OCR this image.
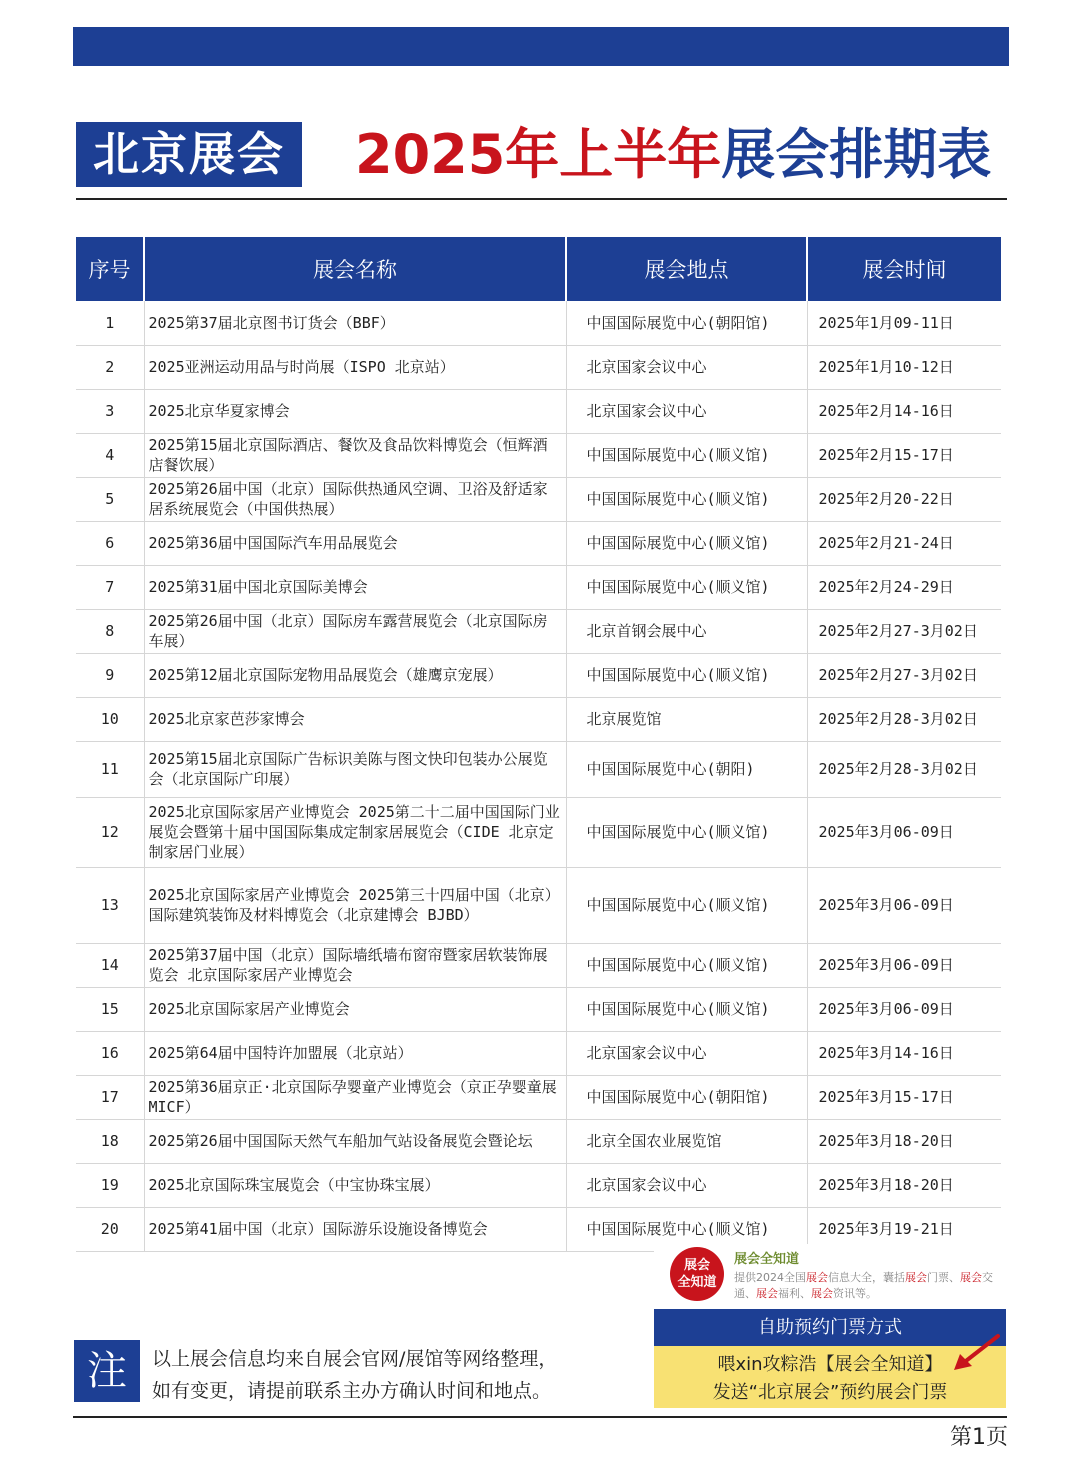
北京展会	2025年上半年展会排期表
序号	展会名称	展会地点	展会时间
1	2025第37届北京图书订货会（BBF）	中国国际展览中心(朝阳馆)	2025年1月09-11日
2	2025亚洲运动用品与时尚展（ISPO 北京站）	北京国家会议中心	2025年1月10-12日
3	2025北京华夏家博会	北京国家会议中心	2025年2月14-16日
4	2025第15届北京国际酒店、餐饮及食品饮料博览会（恒辉酒店餐饮展）	中国国际展览中心(顺义馆)	2025年2月15-17日
5	2025第26届中国（北京）国际供热通风空调、卫浴及舒适家居系统展览会（中国供热展）	中国国际展览中心(顺义馆)	2025年2月20-22日
6	2025第36届中国国际汽车用品展览会	中国国际展览中心(顺义馆)	2025年2月21-24日
7	2025第31届中国北京国际美博会	中国国际展览中心(顺义馆)	2025年2月24-29日
8	2025第26届中国（北京）国际房车露营展览会（北京国际房车展）	北京首钢会展中心	2025年2月27-3月02日
9	2025第12届北京国际宠物用品展览会（雄鹰京宠展）	中国国际展览中心(顺义馆)	2025年2月27-3月02日
10	2025北京家芭莎家博会	北京展览馆	2025年2月28-3月02日
11	2025第15届北京国际广告标识美陈与图文快印包装办公展览会（北京国际广印展）	中国国际展览中心(朝阳)	2025年2月28-3月02日
12	2025北京国际家居产业博览会 2025第二十二届中国国际门业展览会暨第十届中国国际集成定制家居展览会（CIDE 北京定制家居门业展）	中国国际展览中心(顺义馆)	2025年3月06-09日
13	2025北京国际家居产业博览会 2025第三十四届中国（北京）国际建筑装饰及材料博览会（北京建博会 BJBD）	中国国际展览中心(顺义馆)	2025年3月06-09日
14	2025第37届中国（北京）国际墙纸墙布窗帘暨家居软装饰展览会 北京国际家居产业博览会	中国国际展览中心(顺义馆)	2025年3月06-09日
15	2025北京国际家居产业博览会	中国国际展览中心(顺义馆)	2025年3月06-09日
16	2025第64届中国特许加盟展（北京站）	北京国家会议中心	2025年3月14-16日
17	2025第36届京正·北京国际孕婴童产业博览会（京正孕婴童展 MICF）	中国国际展览中心(朝阳馆)	2025年3月15-17日
18	2025第26届中国国际天然气车船加气站设备展览会暨论坛	北京全国农业展览馆	2025年3月18-20日
19	2025北京国际珠宝展览会（中宝协珠宝展）	北京国家会议中心	2025年3月18-20日
20	2025第41届中国（北京）国际游乐设施设备博览会	中国国际展览中心(顺义馆)	2025年3月19-21日
展会
全知道
展会全知道
提供2024全国展会信息大全，囊括展会门票、展会交通、展会福利、展会资讯等。
自助预约门票方式
喂xin攻粽浩【展会全知道】
发送“北京展会”预约展会门票
注	以上展会信息均来自展会官网/展馆等网络整理，
如有变更，请提前联系主办方确认时间和地点。
第1页
